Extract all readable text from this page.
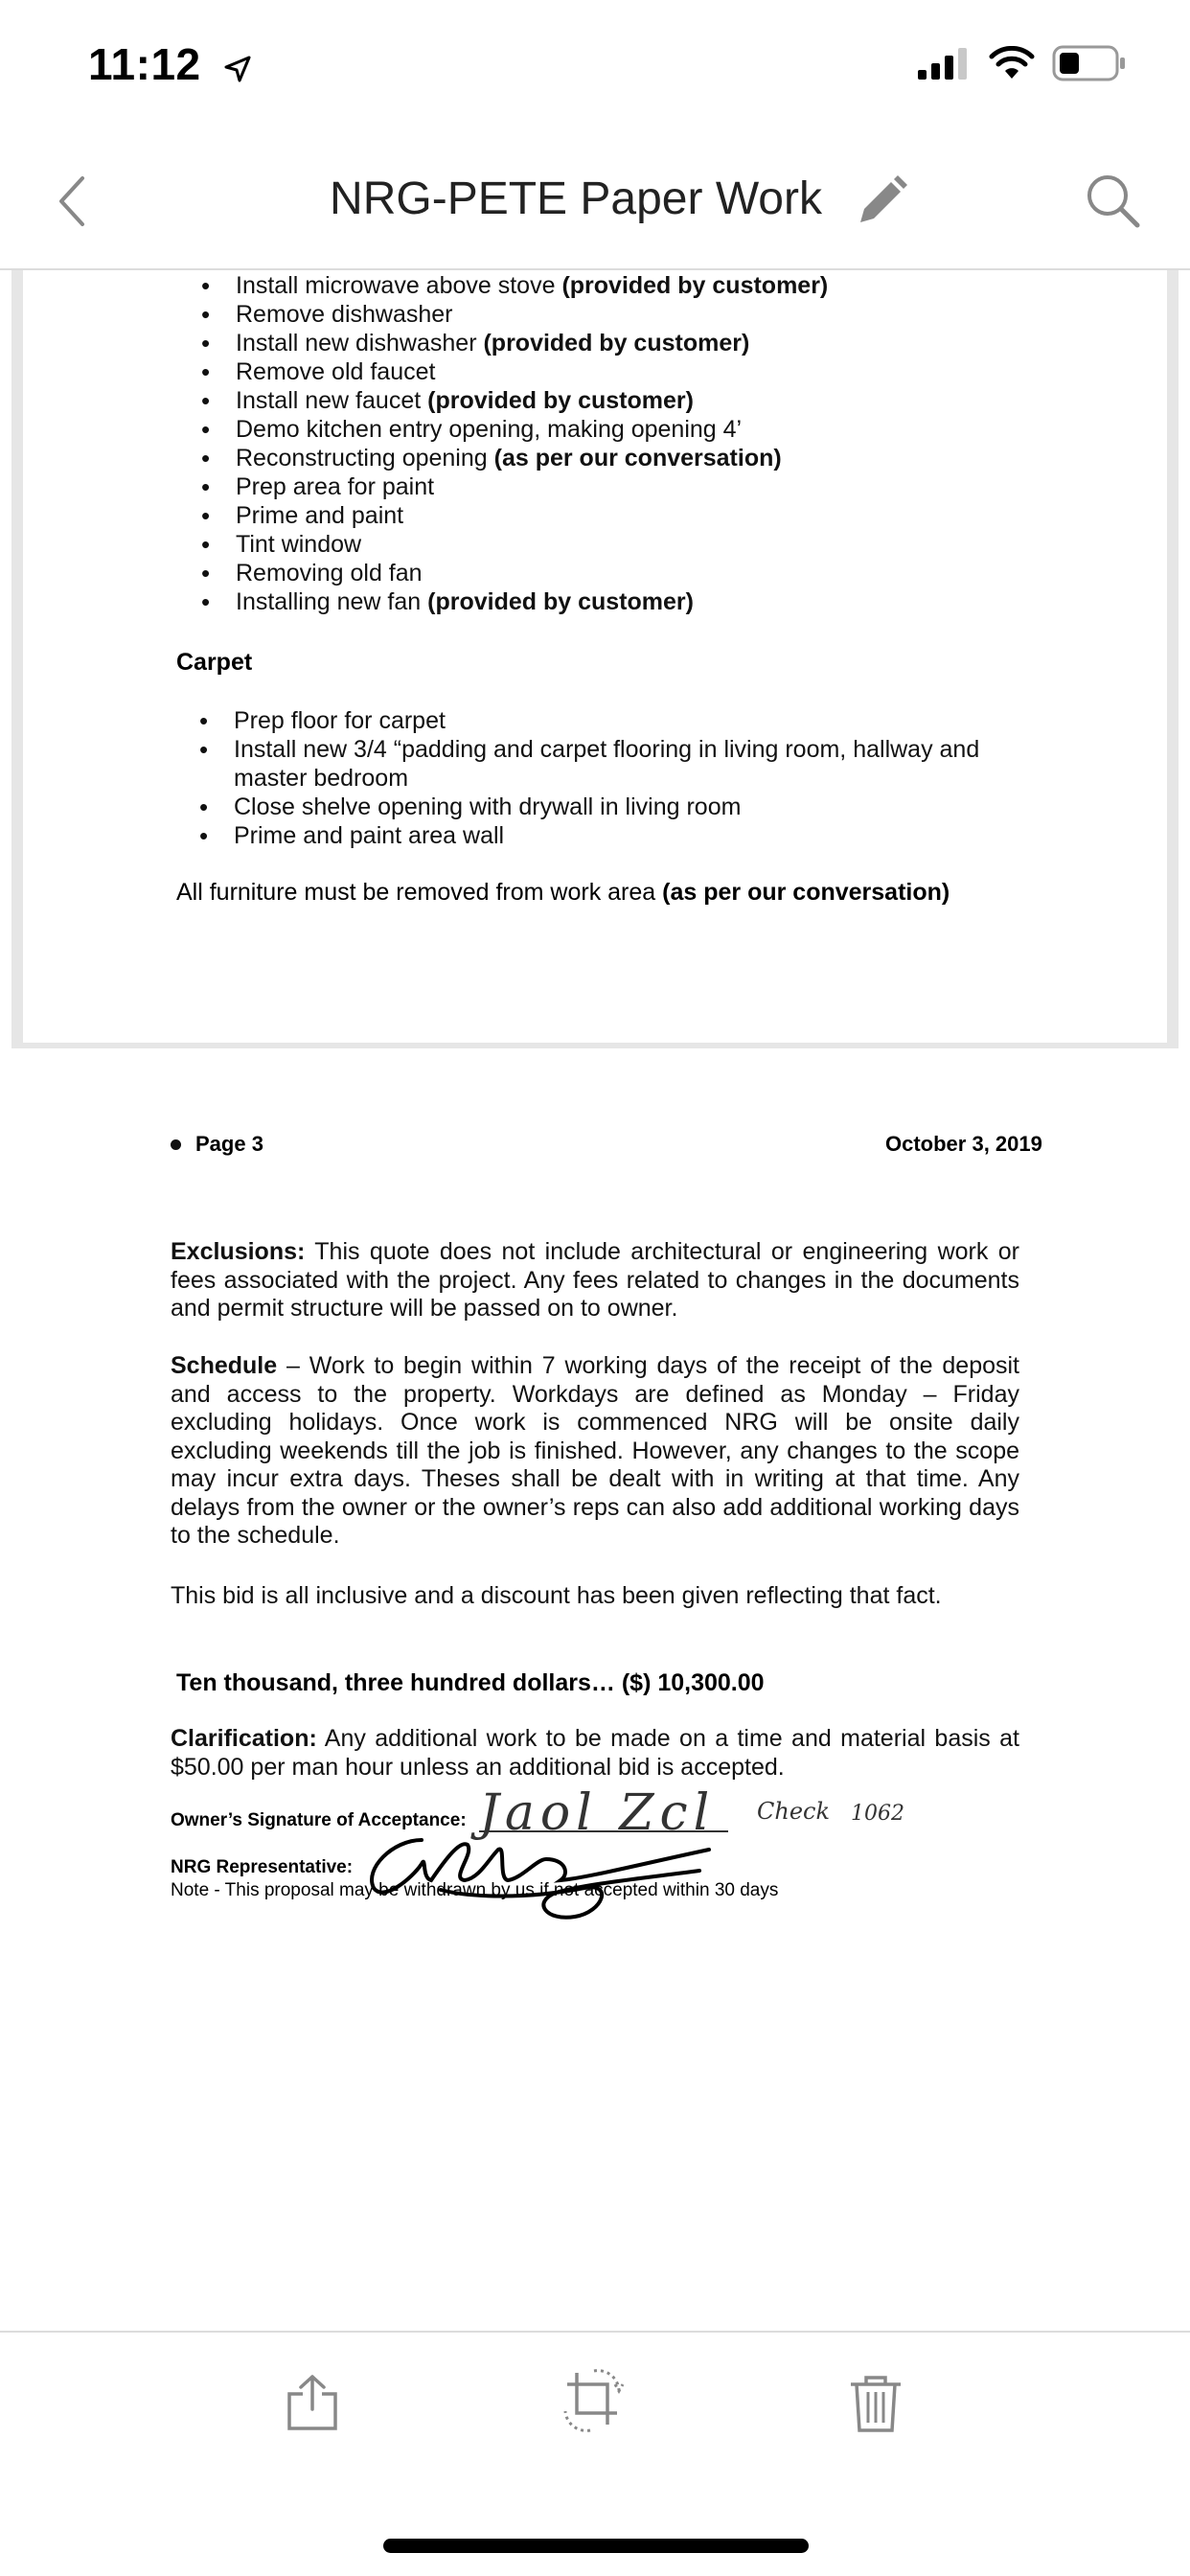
11:12
NRG-PETE Paper Work
• Install microwave above stove (provided by customer)
• Remove dishwasher
• Install new dishwasher (provided by customer)
• Remove old faucet
• Install new faucet (provided by customer)
• Demo kitchen entry opening, making opening 4’
• Reconstructing opening (as per our conversation)
• Prep area for paint
• Prime and paint
• Tint window
• Removing old fan
• Installing new fan (provided by customer)
Carpet
• Prep floor for carpet
• Install new 3/4 “padding and carpet flooring in living room, hallway and master bedroom
• Close shelve opening with drywall in living room
• Prime and paint area wall
All furniture must be removed from work area (as per our conversation)
Page 3	October 3, 2019
Exclusions: This quote does not include architectural or engineering work or fees associated with the project. Any fees related to changes in the documents and permit structure will be passed on to owner.
Schedule – Work to begin within 7 working days of the receipt of the deposit and access to the property. Workdays are defined as Monday – Friday excluding holidays. Once work is commenced NRG will be onsite daily excluding weekends till the job is finished. However, any changes to the scope may incur extra days. Theses shall be dealt with in writing at that time. Any delays from the owner or the owner’s reps can also add additional working days to the schedule.
This bid is all inclusive and a discount has been given reflecting that fact.
Ten thousand, three hundred dollars… ($) 10,300.00
Clarification: Any additional work to be made on a time and material basis at $50.00 per man hour unless an additional bid is accepted.
Owner’s Signature of Acceptance: Jaol Zcl Check 1062
NRG Representative:
Note - This proposal may be withdrawn by us if not accepted within 30 days
